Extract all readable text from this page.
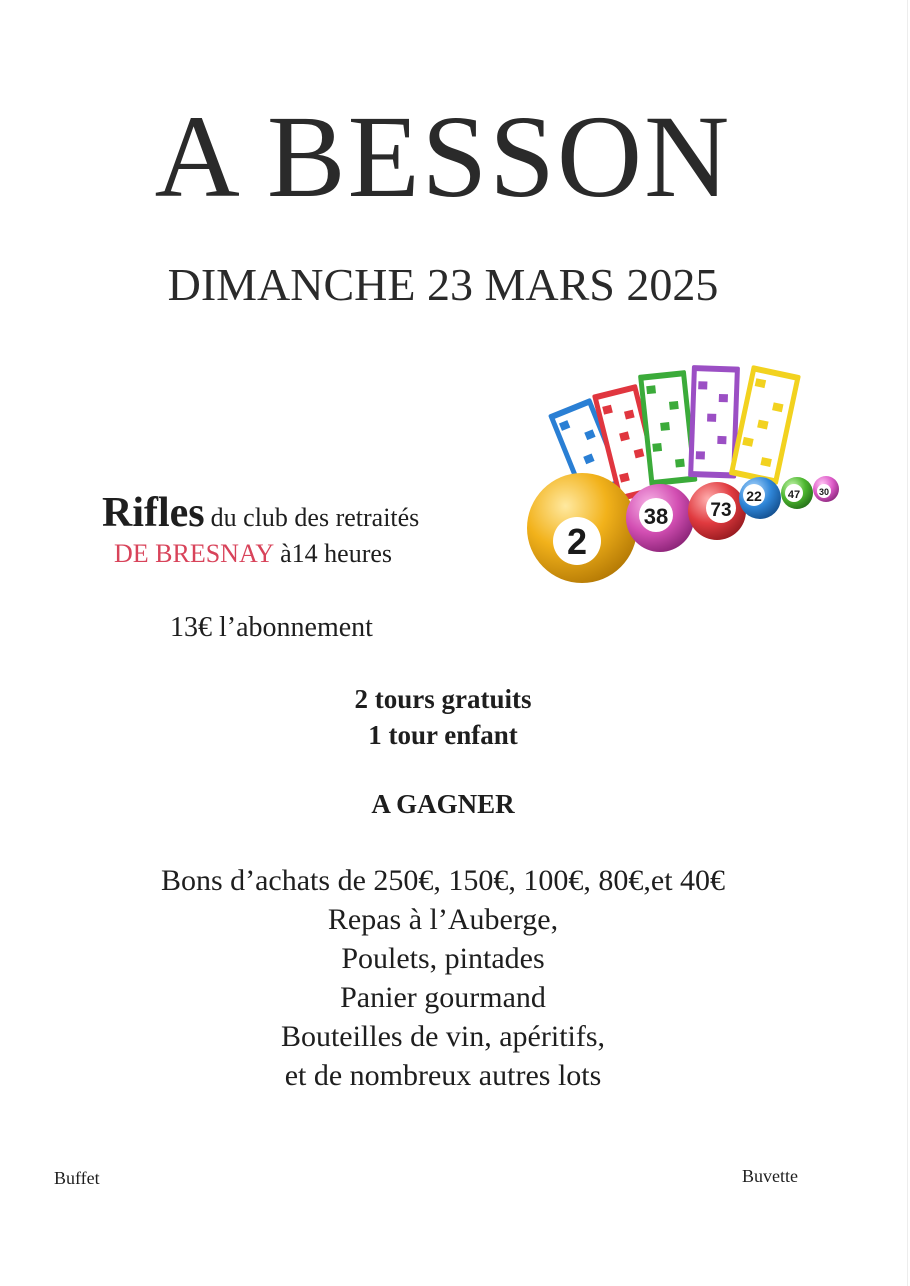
A BESSON
DIMANCHE 23 MARS 2025
Rifles du club des retraités
DE BRESNAY à14 heures
13€ l’abonnement
2 tours gratuits
1 tour enfant
A GAGNER
Bons d’achats de 250€, 150€, 100€, 80€,et 40€
Repas à l’Auberge,
Poulets, pintades
Panier gourmand
Bouteilles de vin, apéritifs,
et de nombreux autres lots
Buffet	Buvette
2
38 73
22 47 30
